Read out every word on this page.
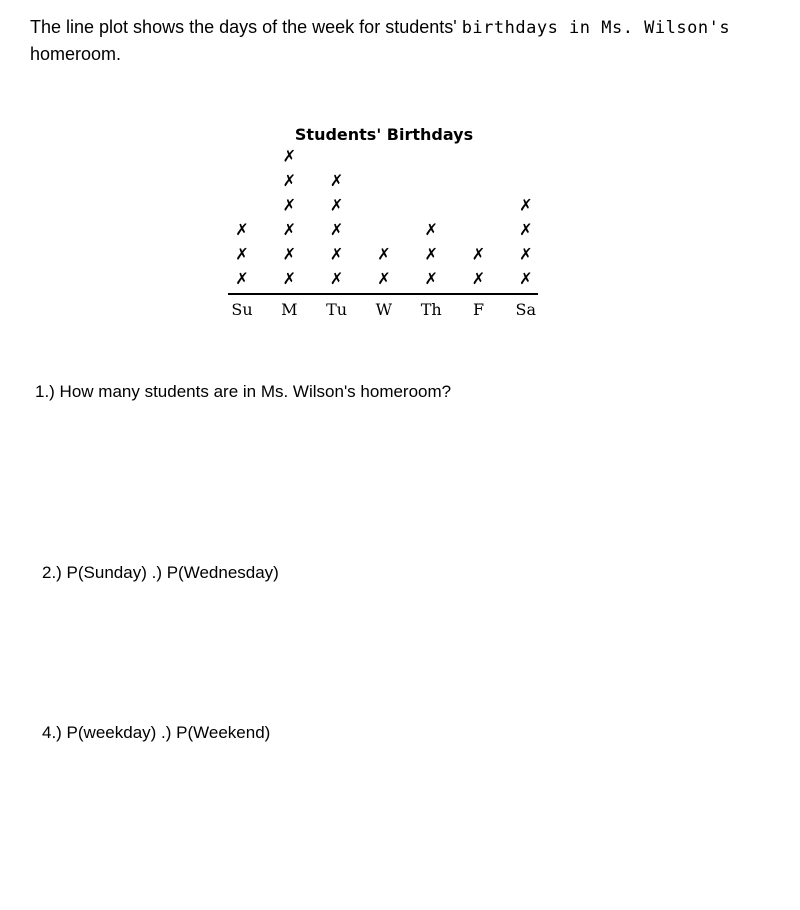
The line plot shows the days of the week for students' birthdays in Ms. Wilson's
homeroom.
Students' Birthdays
✗
✗
✗
✗
✗
✗
✗
✗
✗
✗
✗
✗
✗
✗
✗
✗
✗
✗
✗
✗
✗
✗
✗
✗
✗
Su M Tu W Th F Sa
1.) How many students are in Ms. Wilson's homeroom?
2.) P(Sunday) .) P(Wednesday)
4.) P(weekday) .) P(Weekend)
